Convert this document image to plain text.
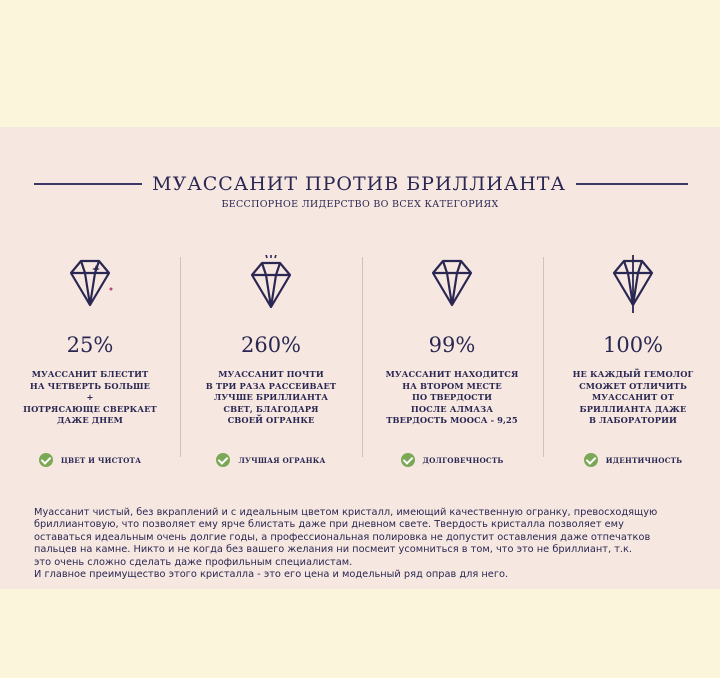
МУАССАНИТ ПРОТИВ БРИЛЛИАНТА
БЕССПОРНОЕ ЛИДЕРСТВО ВО ВСЕХ КАТЕГОРИЯХ
25%
МУАССАНИТ БЛЕСТИТ
НА ЧЕТВЕРТЬ БОЛЬШЕ
+
ПОТРЯСАЮЩЕ СВЕРКАЕТ
ДАЖЕ ДНЕМ
ЦВЕТ И ЧИСТОТА
260%
МУАССАНИТ ПОЧТИ
В ТРИ РАЗА РАССЕИВАЕТ
ЛУЧШЕ БРИЛЛИАНТА
СВЕТ, БЛАГОДАРЯ
СВОЕЙ ОГРАНКЕ
ЛУЧШАЯ ОГРАНКА
99%
МУАССАНИТ НАХОДИТСЯ
НА ВТОРОМ МЕСТЕ
ПО ТВЕРДОСТИ
ПОСЛЕ АЛМАЗА
ТВЕРДОСТЬ МООСА - 9,25
ДОЛГОВЕЧНОСТЬ
100%
НЕ КАЖДЫЙ ГЕМОЛОГ
СМОЖЕТ ОТЛИЧИТЬ
МУАССАНИТ ОТ
БРИЛЛИАНТА ДАЖЕ
В ЛАБОРАТОРИИ
ИДЕНТИЧНОСТЬ
Муассанит чистый, без вкраплений и с идеальным цветом кристалл, имеющий качественную огранку, превосходящую
бриллиантовую, что позволяет ему ярче блистать даже при дневном свете. Твердость кристалла позволяет ему
оставаться идеальным очень долгие годы, а профессиональная полировка не допустит оставления даже отпечатков
пальцев на камне. Никто и не когда без вашего желания ни посмеит усомниться в том, что это не бриллиант, т.к.
это очень сложно сделать даже профильным специалистам.
И главное преимущество этого кристалла - это его цена и модельный ряд оправ для него.
